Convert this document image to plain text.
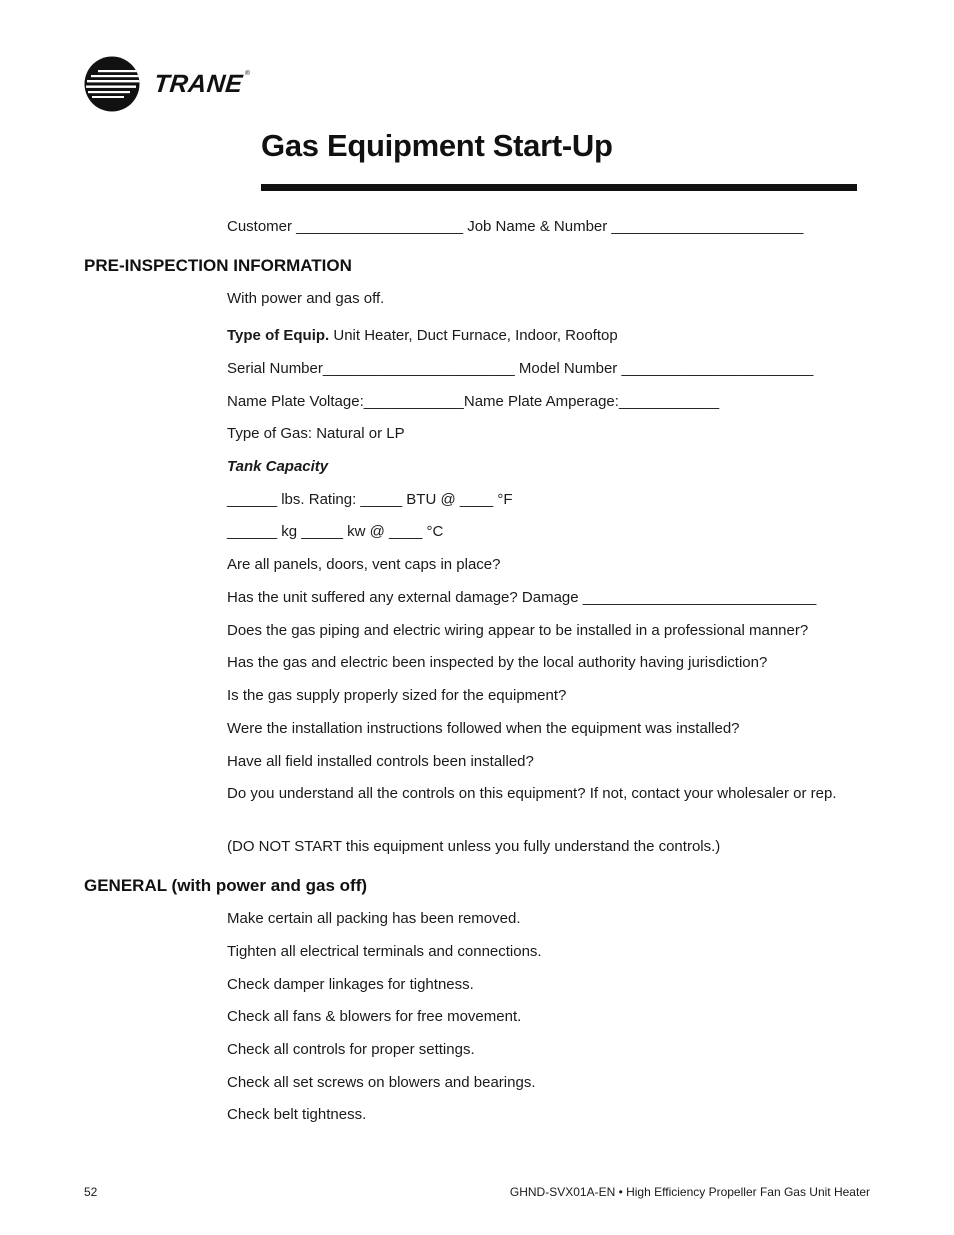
TRANE®
Gas Equipment Start-Up
Customer ____________________ Job Name & Number _______________________
PRE-INSPECTION INFORMATION
With power and gas off.
Type of Equip. Unit Heater, Duct Furnace, Indoor, Rooftop
Serial Number_______________________ Model Number _______________________
Name Plate Voltage:____________Name Plate Amperage:____________
Type of Gas: Natural or LP
Tank Capacity
______ lbs. Rating: _____ BTU @ ____ °F
______ kg _____ kw @ ____ °C
Are all panels, doors, vent caps in place?
Has the unit suffered any external damage? Damage ____________________________
Does the gas piping and electric wiring appear to be installed in a professional manner?
Has the gas and electric been inspected by the local authority having jurisdiction?
Is the gas supply properly sized for the equipment?
Were the installation instructions followed when the equipment was installed?
Have all field installed controls been installed?
Do you understand all the controls on this equipment? If not, contact your wholesaler or rep.
(DO NOT START this equipment unless you fully understand the controls.)
GENERAL (with power and gas off)
Make certain all packing has been removed.
Tighten all electrical terminals and connections.
Check damper linkages for tightness.
Check all fans & blowers for free movement.
Check all controls for proper settings.
Check all set screws on blowers and bearings.
Check belt tightness.
52	GHND-SVX01A-EN • High Efficiency Propeller Fan Gas Unit Heater
